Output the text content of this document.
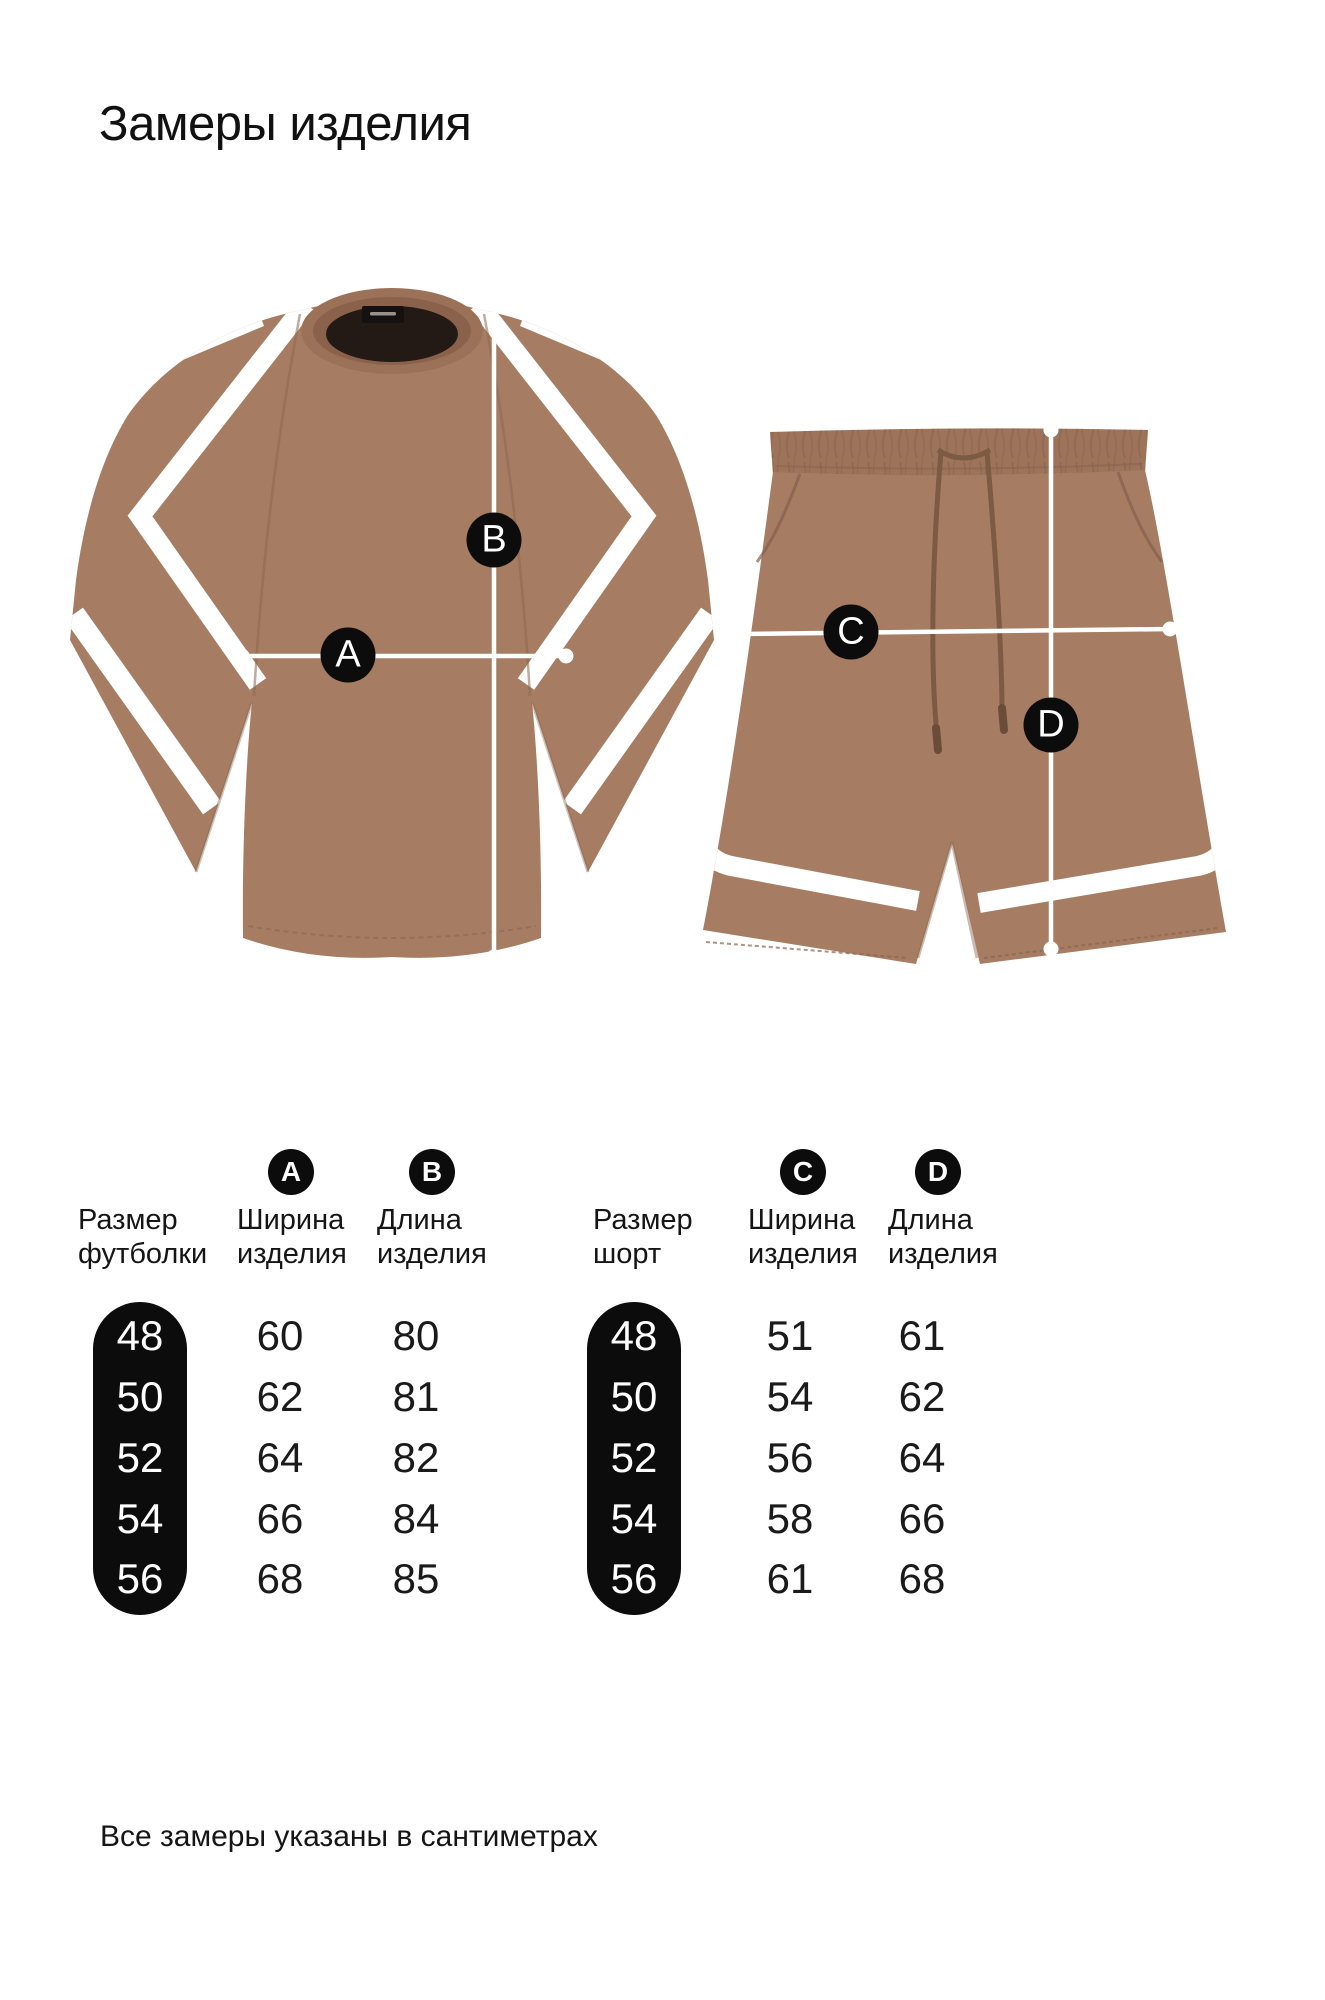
Замеры изделия
A
B
C
D
A	B
Размер
футболки
Ширина
изделия
Длина
изделия
48
50
52
54
56
60
62
64
66
68
80
81
82
84
85
C	D
Размер
шорт
Ширина
изделия
Длина
изделия
48
50
52
54
56
51
54
56
58
61
61
62
64
66
68
Все замеры указаны в сантиметрах
